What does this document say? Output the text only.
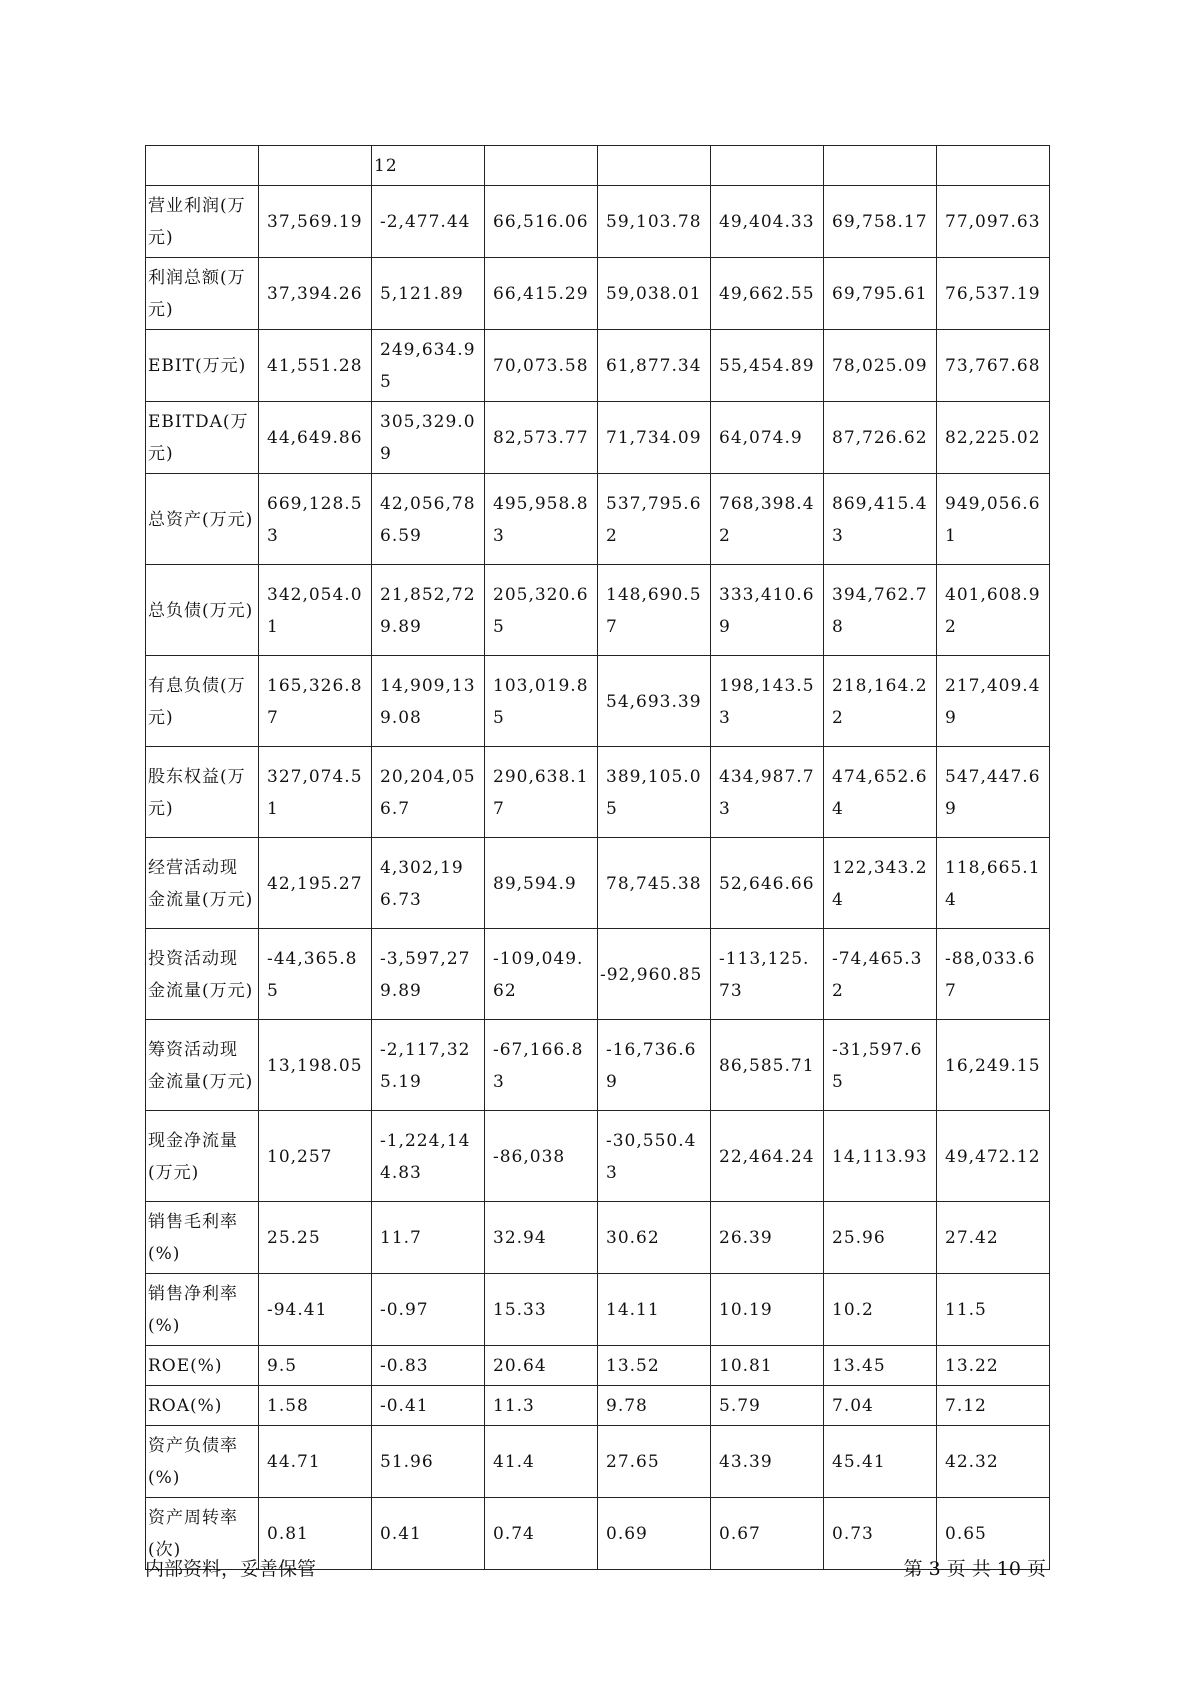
		12					
营业利润(万元)	37,569.19	-2,477.44	66,516.06	59,103.78	49,404.33	69,758.17	77,097.63
利润总额(万元)	37,394.26	5,121.89	66,415.29	59,038.01	49,662.55	69,795.61	76,537.19
EBIT(万元)	41,551.28	249,634.95	70,073.58	61,877.34	55,454.89	78,025.09	73,767.68
EBITDA(万元)	44,649.86	305,329.09	82,573.77	71,734.09	64,074.9	87,726.62	82,225.02
总资产(万元)	669,128.53	42,056,786.59	495,958.83	537,795.62	768,398.42	869,415.43	949,056.61
总负债(万元)	342,054.01	21,852,729.89	205,320.65	148,690.57	333,410.69	394,762.78	401,608.92
有息负债(万元)	165,326.87	14,909,139.08	103,019.85	54,693.39	198,143.53	218,164.22	217,409.49
股东权益(万元)	327,074.51	20,204,056.7	290,638.17	389,105.05	434,987.73	474,652.64	547,447.69
经营活动现金流量(万元)	42,195.27	4,302,196.73	89,594.9	78,745.38	52,646.66	122,343.24	118,665.14
投资活动现金流量(万元)	-44,365.85	-3,597,279.89	-109,049.62	-92,960.85	-113,125.73	-74,465.32	-88,033.67
筹资活动现金流量(万元)	13,198.05	-2,117,325.19	-67,166.83	-16,736.69	86,585.71	-31,597.65	16,249.15
现金净流量(万元)	10,257	-1,224,144.83	-86,038	-30,550.43	22,464.24	14,113.93	49,472.12
销售毛利率(%)	25.25	11.7	32.94	30.62	26.39	25.96	27.42
销售净利率(%)	-94.41	-0.97	15.33	14.11	10.19	10.2	11.5
ROE(%)	9.5	-0.83	20.64	13.52	10.81	13.45	13.22
ROA(%)	1.58	-0.41	11.3	9.78	5.79	7.04	7.12
资产负债率(%)	44.71	51.96	41.4	27.65	43.39	45.41	42.32
资产周转率(次)	0.81	0.41	0.74	0.69	0.67	0.73	0.65
内部资料，妥善保管	第 3 页 共 10 页
